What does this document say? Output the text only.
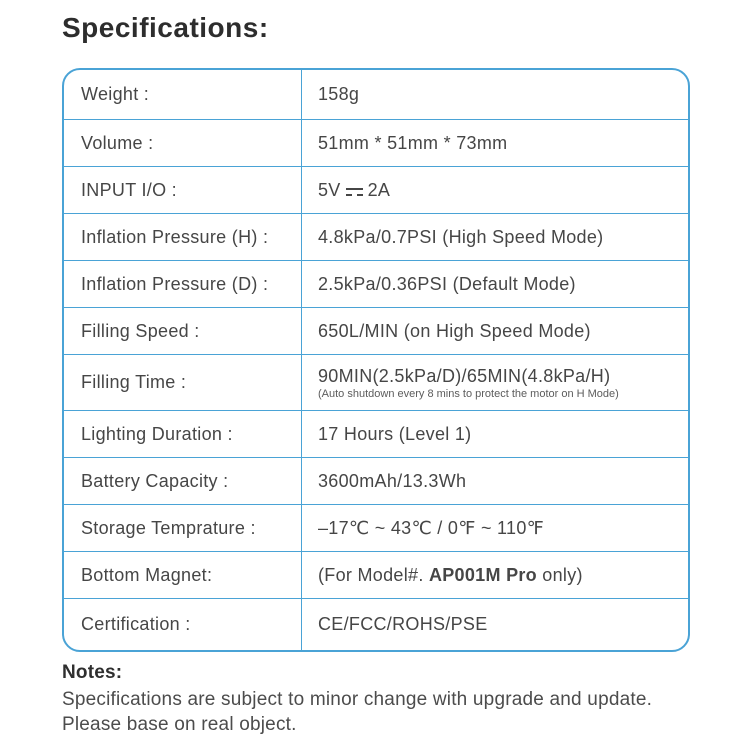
Specifications:
Weight :	158g
Volume :	51mm * 51mm * 73mm
INPUT I/O :	5V 2A
Inflation Pressure (H) :	4.8kPa/0.7PSI (High Speed Mode)
Inflation Pressure (D) :	2.5kPa/0.36PSI (Default Mode)
Filling Speed :	650L/MIN (on High Speed Mode)
Filling Time :	90MIN(2.5kPa/D)/65MIN(4.8kPa/H)
(Auto shutdown every 8 mins to protect the motor on H Mode)
Lighting Duration :	17 Hours (Level 1)
Battery Capacity :	3600mAh/13.3Wh
Storage Temprature :	–17℃ ~ 43℃ / 0℉ ~ 110℉
Bottom Magnet:	(For Model#. AP001M Pro only)
Certification :	CE/FCC/ROHS/PSE
Notes:
Specifications are subject to minor change with upgrade and update. Please base on real object.
